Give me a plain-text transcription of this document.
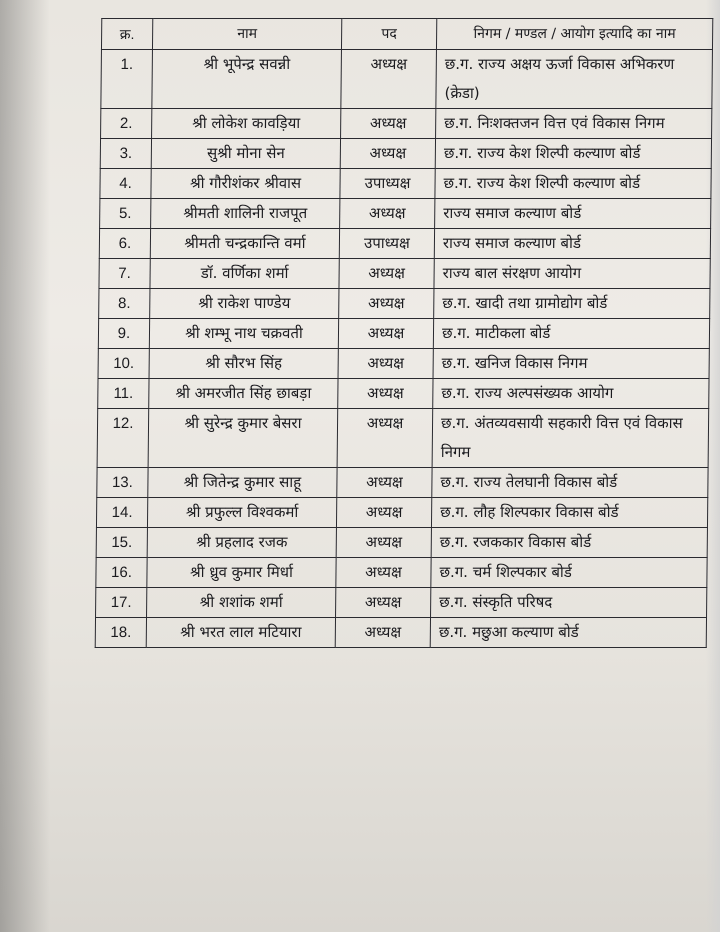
क्र.	नाम	पद	निगम / मण्डल / आयोग इत्यादि का नाम
1.	श्री भूपेन्द्र सवन्नी	अध्यक्ष	छ.ग. राज्य अक्षय ऊर्जा विकास अभिकरण (क्रेडा)
2.	श्री लोकेश कावड़िया	अध्यक्ष	छ.ग. निःशक्तजन वित्त एवं विकास निगम
3.	सुश्री मोना सेन	अध्यक्ष	छ.ग. राज्य केश शिल्पी कल्याण बोर्ड
4.	श्री गौरीशंकर श्रीवास	उपाध्यक्ष	छ.ग. राज्य केश शिल्पी कल्याण बोर्ड
5.	श्रीमती शालिनी राजपूत	अध्यक्ष	राज्य समाज कल्याण बोर्ड
6.	श्रीमती चन्द्रकान्ति वर्मा	उपाध्यक्ष	राज्य समाज कल्याण बोर्ड
7.	डॉ. वर्णिका शर्मा	अध्यक्ष	राज्य बाल संरक्षण आयोग
8.	श्री राकेश पाण्डेय	अध्यक्ष	छ.ग. खादी तथा ग्रामोद्योग बोर्ड
9.	श्री शम्भू नाथ चक्रवती	अध्यक्ष	छ.ग. माटीकला बोर्ड
10.	श्री सौरभ सिंह	अध्यक्ष	छ.ग. खनिज विकास निगम
11.	श्री अमरजीत सिंह छाबड़ा	अध्यक्ष	छ.ग. राज्य अल्पसंख्यक आयोग
12.	श्री सुरेन्द्र कुमार बेसरा	अध्यक्ष	छ.ग. अंतव्यवसायी सहकारी वित्त एवं विकास निगम
13.	श्री जितेन्द्र कुमार साहू	अध्यक्ष	छ.ग. राज्य तेलघानी विकास बोर्ड
14.	श्री प्रफुल्ल विश्वकर्मा	अध्यक्ष	छ.ग. लौह शिल्पकार विकास बोर्ड
15.	श्री प्रहलाद रजक	अध्यक्ष	छ.ग. रजककार विकास बोर्ड
16.	श्री ध्रुव कुमार मिर्धा	अध्यक्ष	छ.ग. चर्म शिल्पकार बोर्ड
17.	श्री शशांक शर्मा	अध्यक्ष	छ.ग. संस्कृति परिषद
18.	श्री भरत लाल मटियारा	अध्यक्ष	छ.ग. मछुआ कल्याण बोर्ड
